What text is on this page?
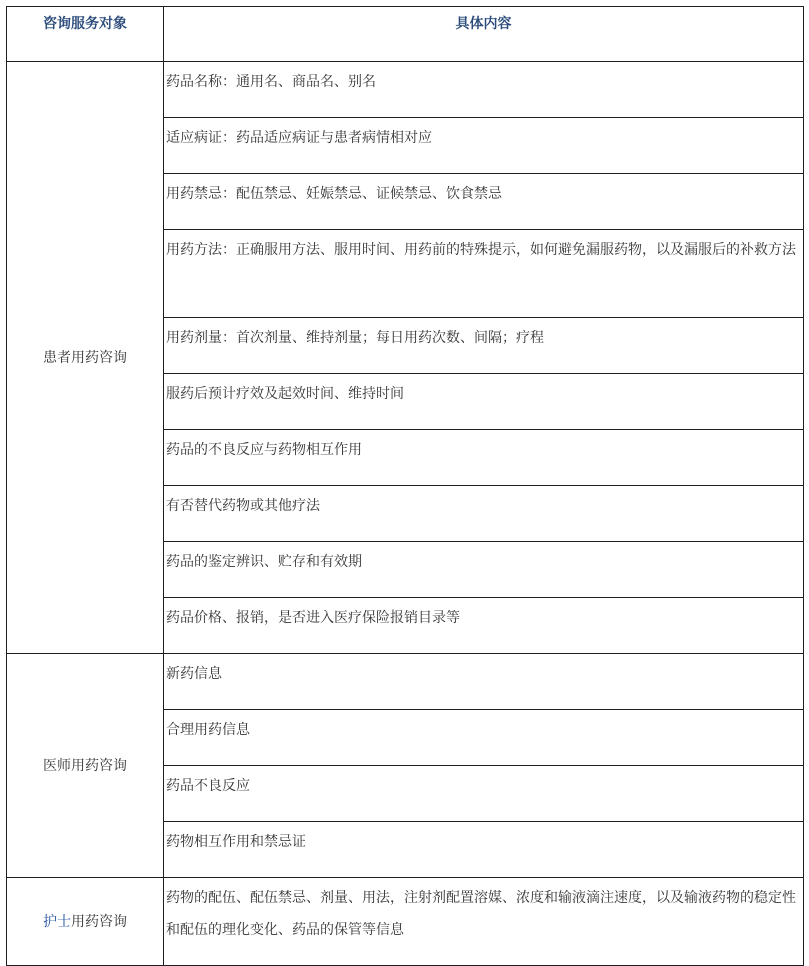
咨询服务对象	具体内容
患者用药咨询	药品名称：通用名、商品名、别名
	适应病证：药品适应病证与患者病情相对应
	用药禁忌：配伍禁忌、妊娠禁忌、证候禁忌、饮食禁忌
	用药方法：正确服用方法、服用时间、用药前的特殊提示，如何避免漏服药物，以及漏服后的补救方法
	用药剂量：首次剂量、维持剂量；每日用药次数、间隔；疗程
	服药后预计疗效及起效时间、维持时间
	药品的不良反应与药物相互作用
	有否替代药物或其他疗法
	药品的鉴定辨识、贮存和有效期
	药品价格、报销，是否进入医疗保险报销目录等
医师用药咨询	新药信息
	合理用药信息
	药品不良反应
	药物相互作用和禁忌证
护士用药咨询	药物的配伍、配伍禁忌、剂量、用法，注射剂配置溶媒、浓度和输液滴注速度，以及输液药物的稳定性和配伍的理化变化、药品的保管等信息
